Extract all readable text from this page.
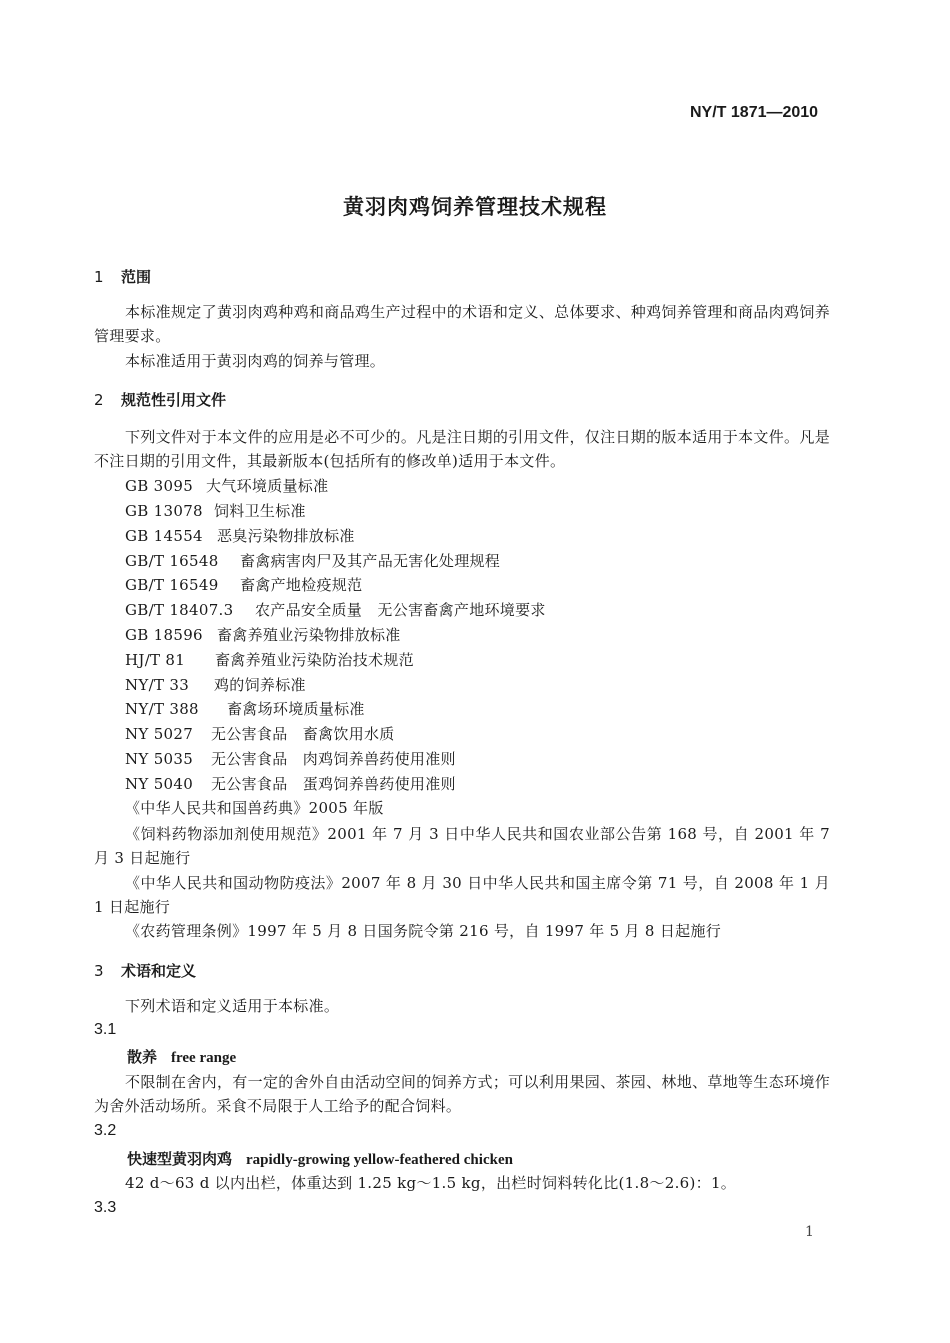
NY/T 1871—2010
黄羽肉鸡饲养管理技术规程
1 范围
本标准规定了黄羽肉鸡种鸡和商品鸡生产过程中的术语和定义、总体要求、种鸡饲养管理和商品肉鸡饲养管理要求。
本标准适用于黄羽肉鸡的饲养与管理。
2 规范性引用文件
下列文件对于本文件的应用是必不可少的。凡是注日期的引用文件，仅注日期的版本适用于本文件。凡是不注日期的引用文件，其最新版本(包括所有的修改单)适用于本文件。
GB 3095 大气环境质量标准
GB 13078 饲料卫生标准
GB 14554 恶臭污染物排放标准
GB/T 16548 畜禽病害肉尸及其产品无害化处理规程
GB/T 16549 畜禽产地检疫规范
GB/T 18407.3 农产品安全质量　无公害畜禽产地环境要求
GB 18596 畜禽养殖业污染物排放标准
HJ/T 81 畜禽养殖业污染防治技术规范
NY/T 33 鸡的饲养标准
NY/T 388 畜禽场环境质量标准
NY 5027 无公害食品　畜禽饮用水质
NY 5035 无公害食品　肉鸡饲养兽药使用准则
NY 5040 无公害食品　蛋鸡饲养兽药使用准则
《中华人民共和国兽药典》2005 年版
《饲料药物添加剂使用规范》2001 年 7 月 3 日中华人民共和国农业部公告第 168 号，自 2001 年 7 月 3 日起施行
《中华人民共和国动物防疫法》2007 年 8 月 30 日中华人民共和国主席令第 71 号，自 2008 年 1 月 1 日起施行
《农药管理条例》1997 年 5 月 8 日国务院令第 216 号，自 1997 年 5 月 8 日起施行
3 术语和定义
下列术语和定义适用于本标准。
3.1
散养 free range
不限制在舍内，有一定的舍外自由活动空间的饲养方式；可以利用果园、茶园、林地、草地等生态环境作为舍外活动场所。采食不局限于人工给予的配合饲料。
3.2
快速型黄羽肉鸡 rapidly-growing yellow-feathered chicken
42 d～63 d 以内出栏，体重达到 1.25 kg～1.5 kg，出栏时饲料转化比(1.8～2.6)：1。
3.3
1
